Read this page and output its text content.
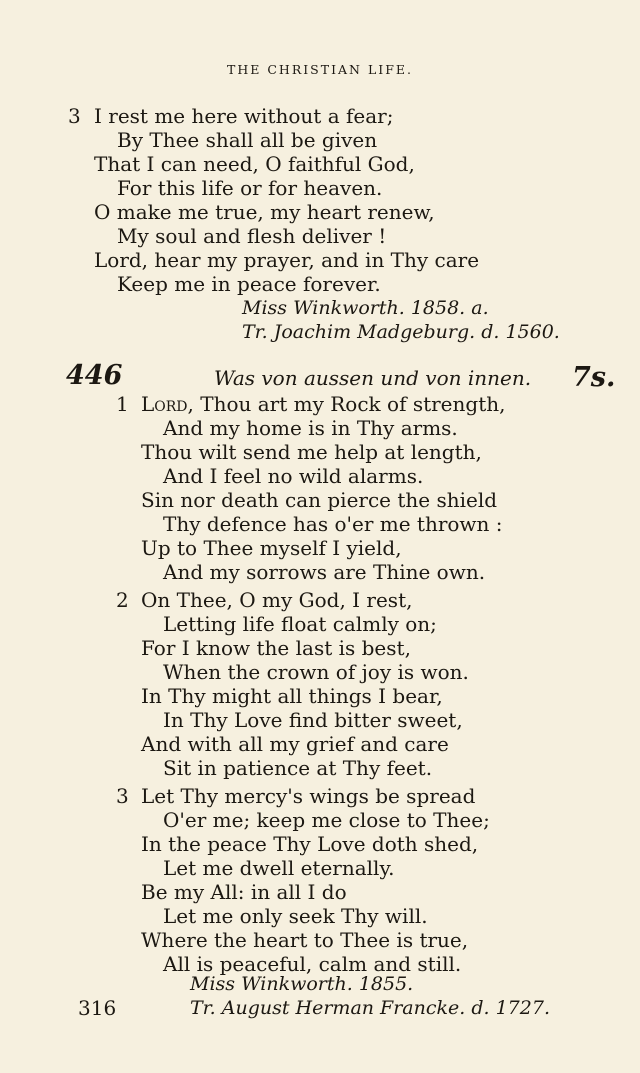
THE CHRISTIAN LIFE.
3 I rest me here without a fear;
By Thee shall all be given
That I can need, O faithful God,
For this life or for heaven.
O make me true, my heart renew,
My soul and flesh deliver !
Lord, hear my prayer, and in Thy care
Keep me in peace forever.
Miss Winkworth. 1858. a.
Tr. Joachim Madgeburg. d. 1560.
446	Was von aussen und von innen. 7s.
1 Lord, Thou art my Rock of strength,
And my home is in Thy arms.
Thou wilt send me help at length,
And I feel no wild alarms.
Sin nor death can pierce the shield
Thy defence has o'er me thrown :
Up to Thee myself I yield,
And my sorrows are Thine own.
2 On Thee, O my God, I rest,
Letting life float calmly on;
For I know the last is best,
When the crown of joy is won.
In Thy might all things I bear,
In Thy Love find bitter sweet,
And with all my grief and care
Sit in patience at Thy feet.
3 Let Thy mercy's wings be spread
O'er me; keep me close to Thee;
In the peace Thy Love doth shed,
Let me dwell eternally.
Be my All: in all I do
Let me only seek Thy will.
Where the heart to Thee is true,
All is peaceful, calm and still.
Miss Winkworth. 1855.
Tr. August Herman Francke. d. 1727.
316
